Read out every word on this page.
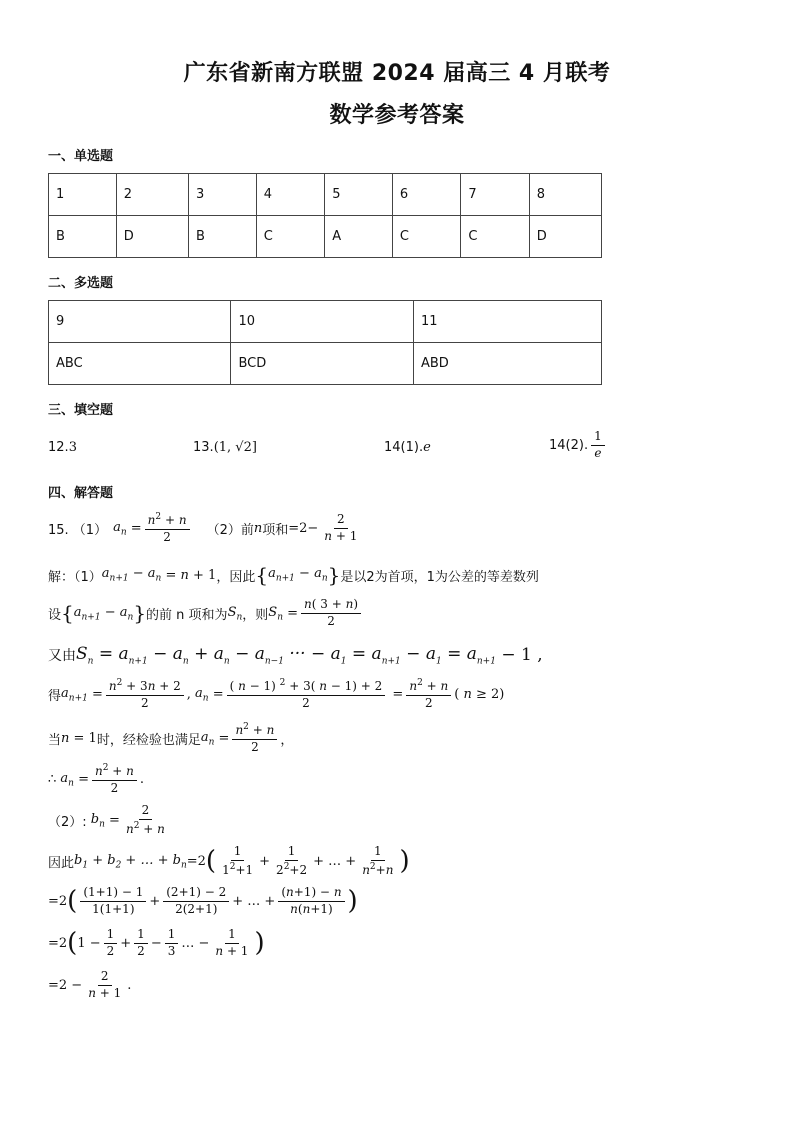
广东省新南方联盟 2024 届高三 4 月联考
数学参考答案
一、单选题
1	2	3	4	5	6	7	8
B	D	B	C	A	C	C	D
二、多选题
9	10	11
ABC	BCD	ABD
三、填空题
12. 3	13. (1, √2]	14(1). e	14(2). $\frac{1}{e}$
四、解答题
15. （1） $a_n = \frac{n^2 + n}{2} (2)$前 n 项和 $=2- \frac{2}{n + 1}$
解：（1） $a_{n+1} - a_n = n + 1$ ，因此 { $a_{n+1} - a_n$ } 是以2为首项，1为公差的等差数列
设 { $a_{n+1} - a_n$ } 的前 n 项和为 $S_n$ ，则 $S_n = \frac{n( 3 + n)}{2}$
又由 $S_n = a_{n+1} - a_n + a_n - a_{n-1}$ ··· − $a_1 = a_{n+1} - a_1 = a_{n+1} - 1$ ,
得 $a_{n+1} = \frac{n^2 + 3n + 2}{2}$ , $a_n = \frac{( n - 1) ^2 + 3( n - 1) + 2}{2} = \frac{n^2 + n}{2}$ ( n ≥ 2)
当 n = 1 时，经检验也满足 $a_n = \frac{n^2 + n}{2}$ ，
∴ $a_n = \frac{n^2 + n}{2}$ .
（2）: $b_n = \frac{2}{n^2 + n}$
因此 $b_1 + b_2$ + … + $b_n =2$ ( $\frac{1}{1^2+1} + \frac{1}{2^2+2}$ + … + $\frac{1}{n^2+n}$ )
=2 ( $\frac{(1+1) - 1}{1(1+1)} + \frac{(2+1) - 2}{2(2+1)}$ + … + $\frac{(n+1) - n}{n(n+1)}$ )
=2 ( $1 - \frac{1}{2} + \frac{1}{2} - \frac{1}{3}$ … − $\frac{1}{n + 1}$ )
$=2 - \frac{2}{n + 1}$ .
